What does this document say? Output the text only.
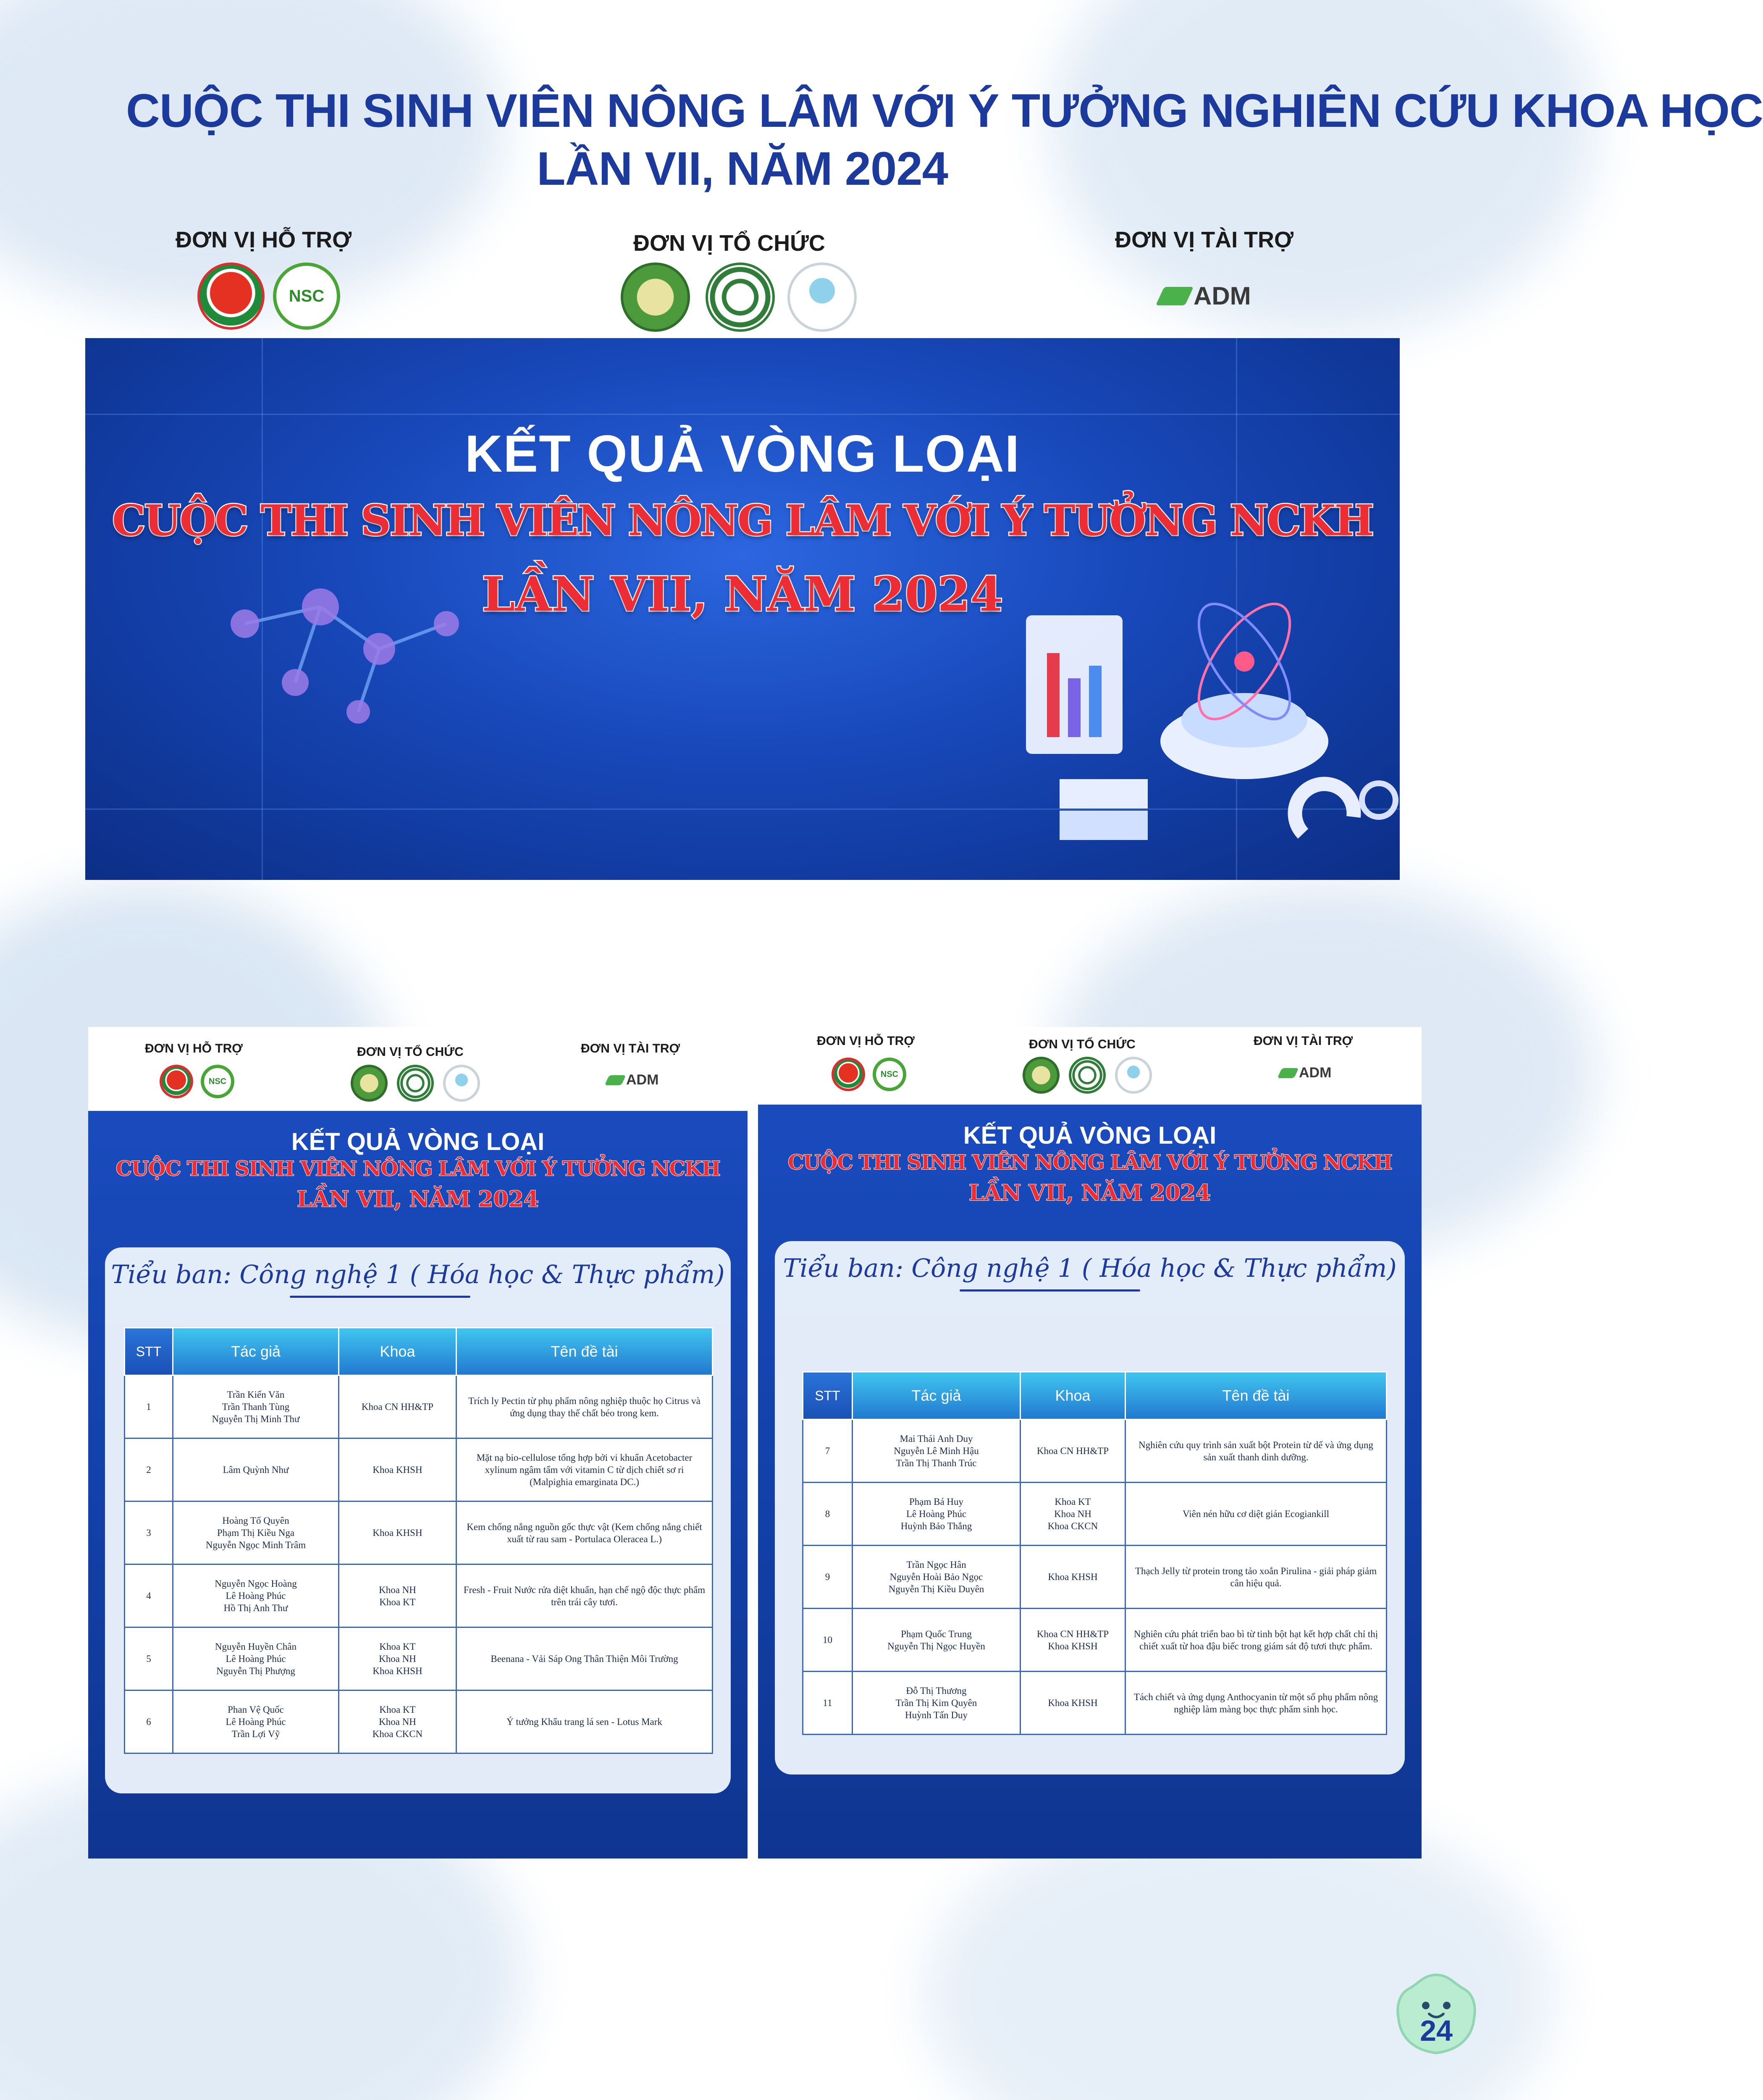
CUỘC THI SINH VIÊN NÔNG LÂM VỚI Ý TƯỞNG NGHIÊN CỨU KHOA HỌC
LẦN VII, NĂM 2024
ĐƠN VỊ HỖ TRỢ
NSC
ĐƠN VỊ TỔ CHỨC	ĐƠN VỊ TÀI TRỢ
ADM
KẾT QUẢ VÒNG LOẠI
CUỘC THI SINH VIÊN NÔNG LÂM VỚI Ý TƯỞNG NCKH
LẦN VII, NĂM 2024
ĐƠN VỊ HỖ TRỢ
NSC
ĐƠN VỊ TỔ CHỨC	ĐƠN VỊ TÀI TRỢ
ADM
KẾT QUẢ VÒNG LOẠI
CUỘC THI SINH VIÊN NÔNG LÂM VỚI Ý TƯỞNG NCKH
LẦN VII, NĂM 2024
Tiểu ban: Công nghệ 1 ( Hóa học & Thực phẩm)
STT	Tác giả	Khoa	Tên đề tài
1	Trần Kiến Văn
Trần Thanh Tùng
Nguyễn Thị Minh Thư	Khoa CN HH&TP	Trích ly Pectin từ phụ phẩm nông nghiệp thuộc họ Citrus và ứng dụng thay thế chất béo trong kem.
2	Lâm Quỳnh Như	Khoa KHSH	Mặt nạ bio-cellulose tổng hợp bởi vi khuẩn Acetobacter xylinum ngâm tẩm với vitamin C từ dịch chiết sơ ri (Malpighia emarginata DC.)
3	Hoàng Tố Quyên
Phạm Thị Kiều Nga
Nguyễn Ngọc Minh Trâm	Khoa KHSH	Kem chống nắng nguồn gốc thực vật (Kem chống nắng chiết xuất từ rau sam - Portulaca Oleracea L.)
4	Nguyễn Ngọc Hoàng
Lê Hoàng Phúc
Hồ Thị Anh Thư	Khoa NH
Khoa KT	Fresh - Fruit Nước rửa diệt khuẩn, hạn chế ngộ độc thực phẩm trên trái cây tươi.
5	Nguyễn Huyền Chân
Lê Hoàng Phúc
Nguyễn Thị Phượng	Khoa KT
Khoa NH
Khoa KHSH	Beenana - Vải Sáp Ong Thân Thiện Môi Trường
6	Phan Vệ Quốc
Lê Hoàng Phúc
Trần Lợi Vỹ	Khoa KT
Khoa NH
Khoa CKCN	Ý tưởng Khẩu trang lá sen - Lotus Mark
ĐƠN VỊ HỖ TRỢ
NSC
ĐƠN VỊ TỔ CHỨC	ĐƠN VỊ TÀI TRỢ
ADM
KẾT QUẢ VÒNG LOẠI
CUỘC THI SINH VIÊN NÔNG LÂM VỚI Ý TƯỞNG NCKH
LẦN VII, NĂM 2024
Tiểu ban: Công nghệ 1 ( Hóa học & Thực phẩm)
STT	Tác giả	Khoa	Tên đề tài
7	Mai Thái Anh Duy
Nguyễn Lê Minh Hậu
Trần Thị Thanh Trúc	Khoa CN HH&TP	Nghiên cứu quy trình sản xuất bột Protein từ dế và ứng dụng sản xuất thanh dinh dưỡng.
8	Phạm Bá Huy
Lê Hoàng Phúc
Huỳnh Bảo Thắng	Khoa KT
Khoa NH
Khoa CKCN	Viên nén hữu cơ diệt gián Ecogiankill
9	Trần Ngọc Hân
Nguyễn Hoài Bảo Ngọc
Nguyễn Thị Kiều Duyên	Khoa KHSH	Thạch Jelly từ protein trong tảo xoắn Pirulina - giải pháp giảm cân hiệu quả.
10	Phạm Quốc Trung
Nguyễn Thị Ngọc Huyền	Khoa CN HH&TP
Khoa KHSH	Nghiên cứu phát triển bao bì từ tinh bột hạt kết hợp chất chỉ thị chiết xuất từ hoa đậu biếc trong giám sát độ tươi thực phẩm.
11	Đỗ Thị Thương
Trần Thị Kim Quyên
Huỳnh Tấn Duy	Khoa KHSH	Tách chiết và ứng dụng Anthocyanin từ một số phụ phẩm nông nghiệp làm màng bọc thực phẩm sinh học.
24
